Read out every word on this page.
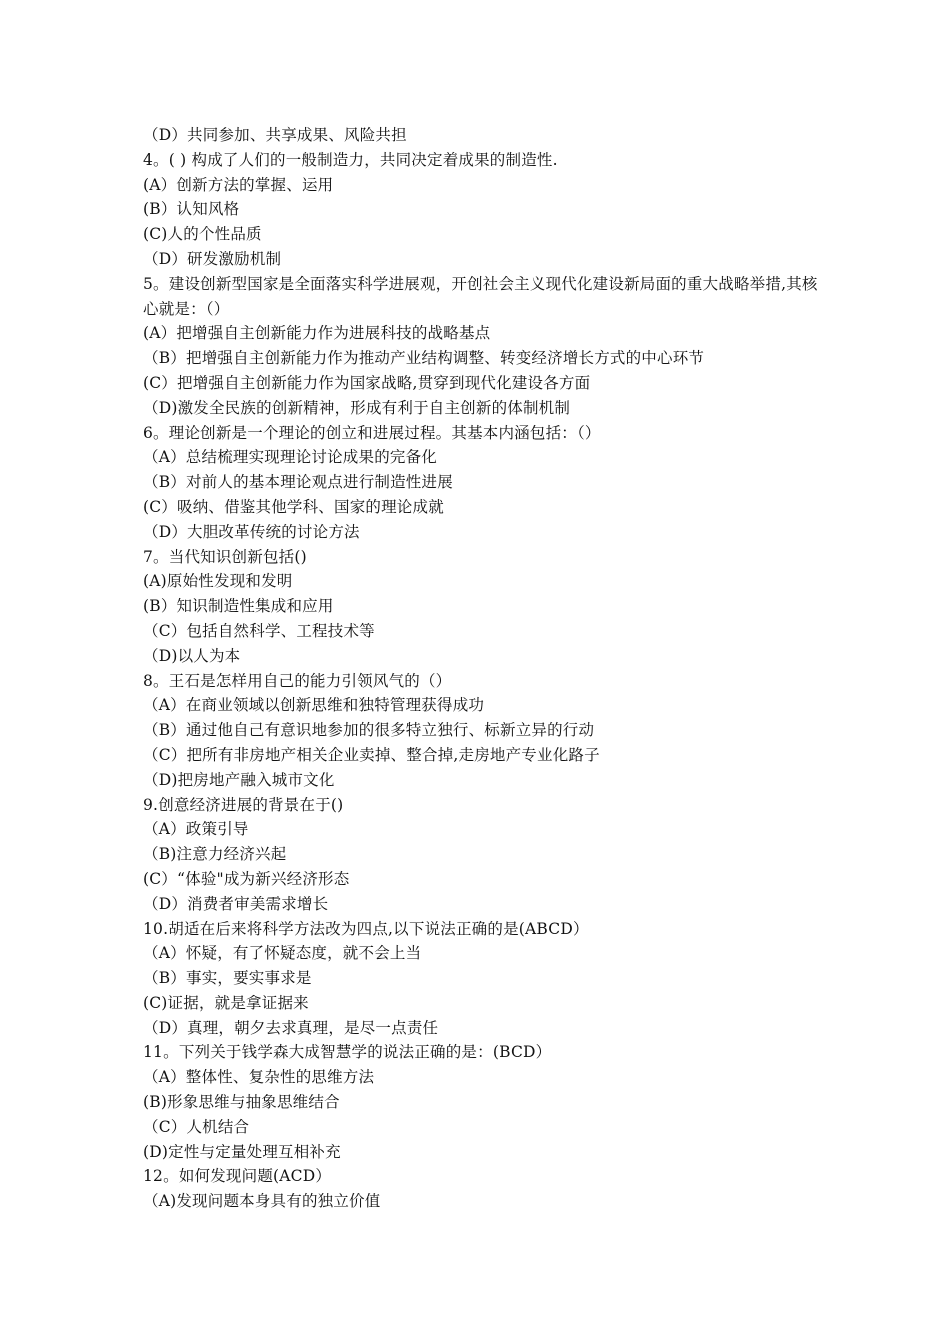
（D）共同参加、共享成果、风险共担
4。( ) 构成了人们的一般制造力，共同决定着成果的制造性.
(A）创新方法的掌握、运用
(B）认知风格
(C)人的个性品质
（D）研发激励机制
5。建设创新型国家是全面落实科学进展观，开创社会主义现代化建设新局面的重大战略举措,其核心就是：（）
(A）把增强自主创新能力作为进展科技的战略基点
（B）把增强自主创新能力作为推动产业结构调整、转变经济增长方式的中心环节
(C）把增强自主创新能力作为国家战略,贯穿到现代化建设各方面
（D)激发全民族的创新精神，形成有利于自主创新的体制机制
6。理论创新是一个理论的创立和进展过程。其基本内涵包括：（）
（A）总结梳理实现理论讨论成果的完备化
（B）对前人的基本理论观点进行制造性进展
(C）吸纳、借鉴其他学科、国家的理论成就
（D）大胆改革传统的讨论方法
7。当代知识创新包括()
(A)原始性发现和发明
(B）知识制造性集成和应用
（C）包括自然科学、工程技术等
（D)以人为本
8。王石是怎样用自己的能力引领风气的（）
（A）在商业领域以创新思维和独特管理获得成功
（B）通过他自己有意识地参加的很多特立独行、标新立异的行动
（C）把所有非房地产相关企业卖掉、整合掉,走房地产专业化路子
（D)把房地产融入城市文化
9.创意经济进展的背景在于()
（A）政策引导
（B)注意力经济兴起
(C）“体验"成为新兴经济形态
（D）消费者审美需求增长
10.胡适在后来将科学方法改为四点,以下说法正确的是(ABCD）
（A）怀疑，有了怀疑态度，就不会上当
（B）事实，要实事求是
(C)证据，就是拿证据来
（D）真理，朝夕去求真理，是尽一点责任
11。下列关于钱学森大成智慧学的说法正确的是：(BCD）
（A）整体性、复杂性的思维方法
(B)形象思维与抽象思维结合
（C）人机结合
(D)定性与定量处理互相补充
12。如何发现问题(ACD）
（A)发现问题本身具有的独立价值
